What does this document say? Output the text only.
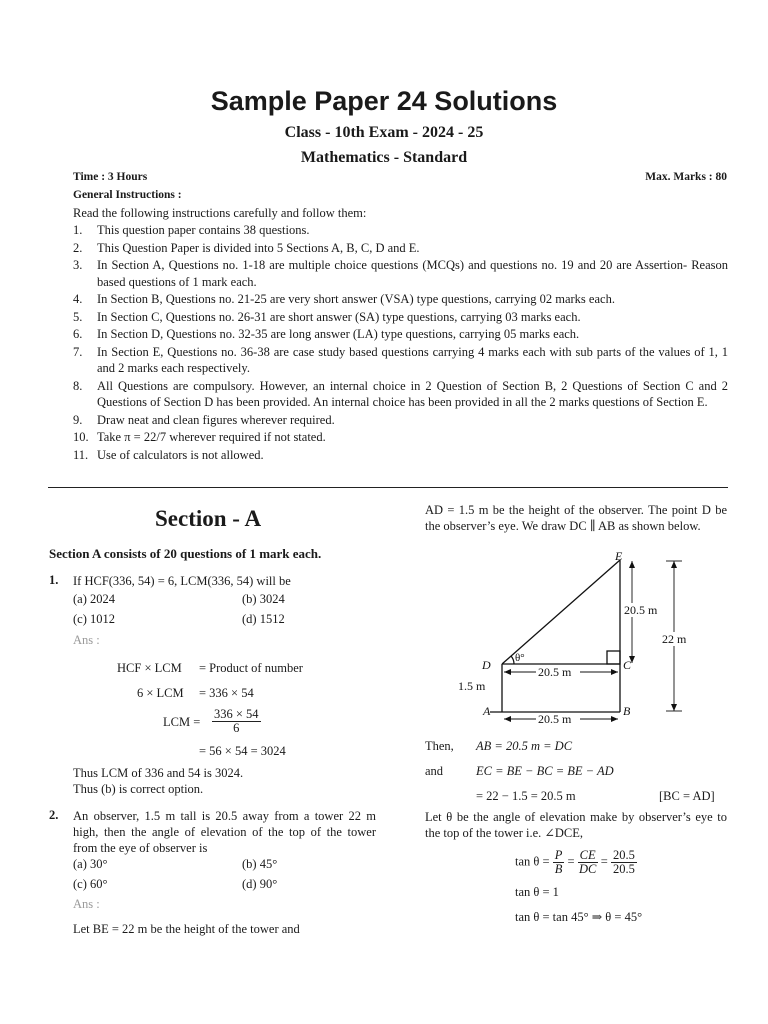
Sample Paper 24 Solutions
Class - 10th Exam - 2024 - 25
Mathematics - Standard
Time : 3 Hours	Max. Marks : 80
General Instructions :
Read the following instructions carefully and follow them:
1. This question paper contains 38 questions.
2. This Question Paper is divided into 5 Sections A, B, C, D and E.
3. In Section A, Questions no. 1-18 are multiple choice questions (MCQs) and questions no. 19 and 20 are Assertion- Reason based questions of 1 mark each.
4. In Section B, Questions no. 21-25 are very short answer (VSA) type questions, carrying 02 marks each.
5. In Section C, Questions no. 26-31 are short answer (SA) type questions, carrying 03 marks each.
6. In Section D, Questions no. 32-35 are long answer (LA) type questions, carrying 05 marks each.
7. In Section E, Questions no. 36-38 are case study based questions carrying 4 marks each with sub parts of the values of 1, 1 and 2 marks each respectively.
8. All Questions are compulsory. However, an internal choice in 2 Question of Section B, 2 Questions of Section C and 2 Questions of Section D has been provided. An internal choice has been provided in all the 2 marks questions of Section E.
9. Draw neat and clean figures wherever required.
10. Take π = 22/7 wherever required if not stated.
11. Use of calculators is not allowed.
Section - A
Section A consists of 20 questions of 1 mark each.
1. If HCF(336, 54) = 6, LCM(336, 54) will be
(a) 2024	(b) 3024
(c) 1012	(d) 1512
Ans :
HCF × LCM = Product of number
6 × LCM = 336 × 54
LCM = $\frac{336 \times 54}{6}$
= 56 × 54 = 3024
Thus LCM of 336 and 54 is 3024.
Thus (b) is correct option.
2. An observer, 1.5 m tall is 20.5 away from a tower 22 m high, then the angle of elevation of the top of the tower from the eye of observer is
(a) 30°	(b) 45°
(c) 60°	(d) 90°
Ans :
Let BE = 22 m be the height of the tower and
AD = 1.5 m be the height of the observer. The point D be the observer’s eye. We draw DC ∥ AB as shown below.
E
D	C
A	B
θ°
20.5 m
22 m
20.5 m
20.5 m
1.5 m
Then, AB = 20.5 m = DC
and	EC = BE − BC = BE − AD
= 22 − 1.5 = 20.5 m	[BC = AD]
Let θ be the angle of elevation make by observer’s eye to the top of the tower i.e. ∠DCE,
$\tan \theta = \frac{P}{B} = \frac{CE}{DC} = \frac{20.5}{20.5}$
tan θ = 1
tan θ = tan 45° ⇒ θ = 45°
